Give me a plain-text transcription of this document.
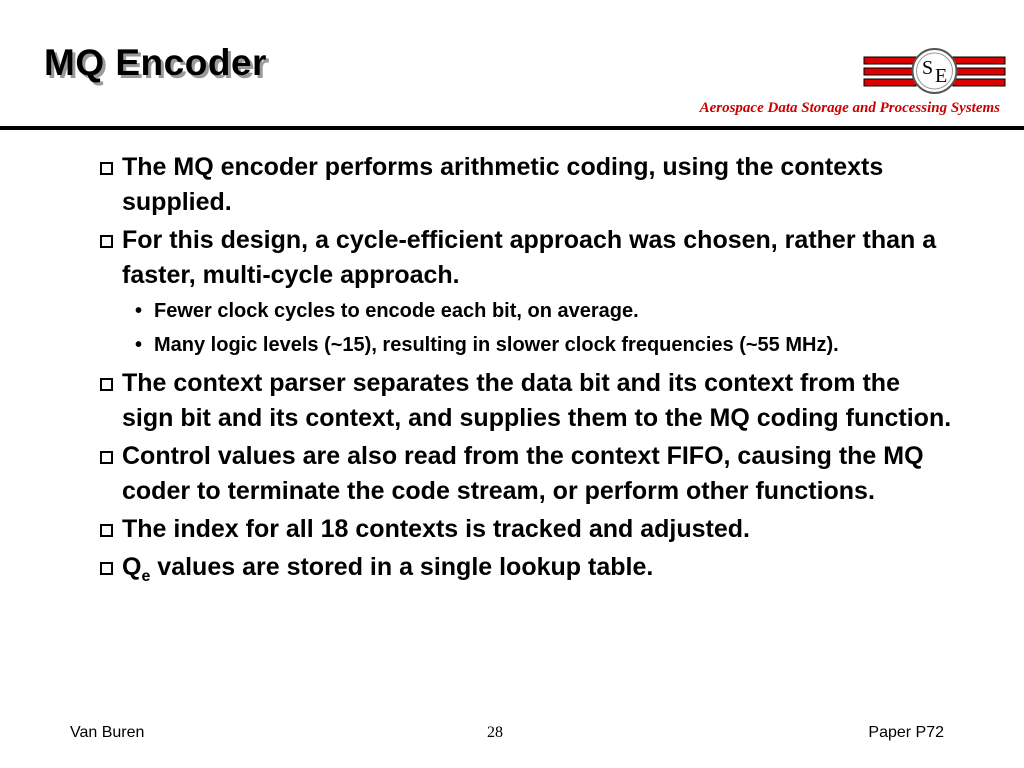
MQ Encoder	S E
Aerospace Data Storage and Processing Systems
The MQ encoder performs arithmetic coding, using the contexts supplied.
For this design, a cycle-efficient approach was chosen, rather than a faster, multi-cycle approach.
• Fewer clock cycles to encode each bit, on average.
• Many logic levels (~15), resulting in slower clock frequencies (~55 MHz).
The context parser separates the data bit and its context from the sign bit and its context, and supplies them to the MQ coding function.
Control values are also read from the context FIFO, causing the MQ coder to terminate the code stream, or perform other functions.
The index for all 18 contexts is tracked and adjusted.
$Q_e$ values are stored in a single lookup table.
Van Buren	28	Paper P72
